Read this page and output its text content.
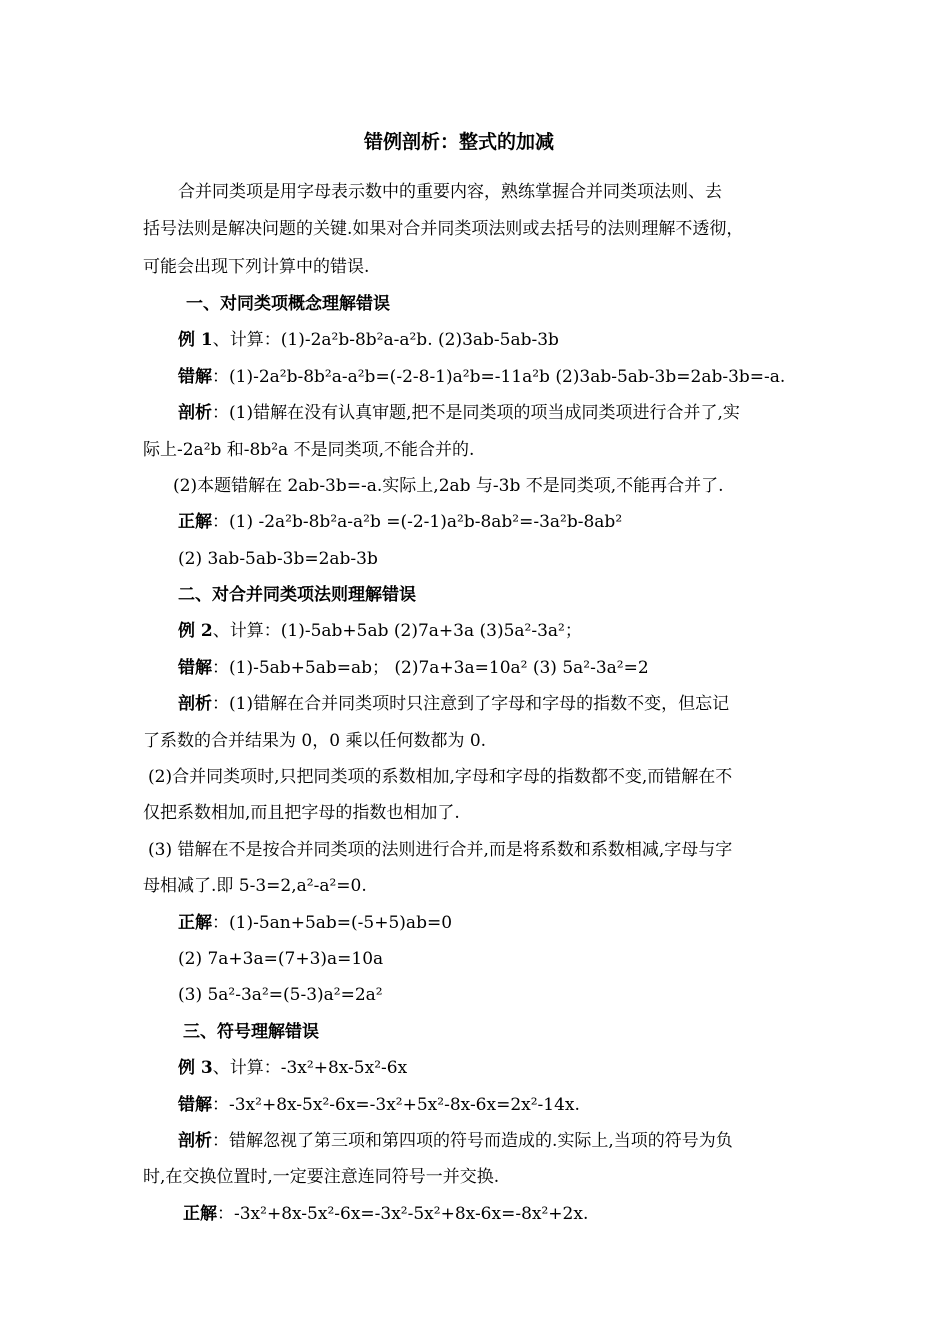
错例剖析：整式的加减
合并同类项是用字母表示数中的重要内容，熟练掌握合并同类项法则、去
括号法则是解决问题的关键.如果对合并同类项法则或去括号的法则理解不透彻，
可能会出现下列计算中的错误.
一、对同类项概念理解错误
例 1、计算：(1)-2a²b-8b²a-a²b. (2)3ab-5ab-3b
错解：(1)-2a²b-8b²a-a²b=(-2-8-1)a²b=-11a²b (2)3ab-5ab-3b=2ab-3b=-a.
剖析：(1)错解在没有认真审题,把不是同类项的项当成同类项进行合并了,实
际上-2a²b 和-8b²a 不是同类项,不能合并的.
(2)本题错解在 2ab-3b=-a.实际上,2ab 与-3b 不是同类项,不能再合并了.
正解：(1) -2a²b-8b²a-a²b =(-2-1)a²b-8ab²=-3a²b-8ab²
(2) 3ab-5ab-3b=2ab-3b
二、对合并同类项法则理解错误
例 2、计算：(1)-5ab+5ab (2)7a+3a (3)5a²-3a²；
错解：(1)-5ab+5ab=ab； (2)7a+3a=10a² (3) 5a²-3a²=2
剖析：(1)错解在合并同类项时只注意到了字母和字母的指数不变，但忘记
了系数的合并结果为 0，0 乘以任何数都为 0.
(2)合并同类项时,只把同类项的系数相加,字母和字母的指数都不变,而错解在不
仅把系数相加,而且把字母的指数也相加了.
(3) 错解在不是按合并同类项的法则进行合并,而是将系数和系数相减,字母与字
母相减了.即 5-3=2,a²-a²=0.
正解：(1)-5an+5ab=(-5+5)ab=0
(2) 7a+3a=(7+3)a=10a
(3) 5a²-3a²=(5-3)a²=2a²
三、符号理解错误
例 3、计算：-3x²+8x-5x²-6x
错解：-3x²+8x-5x²-6x=-3x²+5x²-8x-6x=2x²-14x.
剖析：错解忽视了第三项和第四项的符号而造成的.实际上,当项的符号为负
时,在交换位置时,一定要注意连同符号一并交换.
正解：-3x²+8x-5x²-6x=-3x²-5x²+8x-6x=-8x²+2x.
